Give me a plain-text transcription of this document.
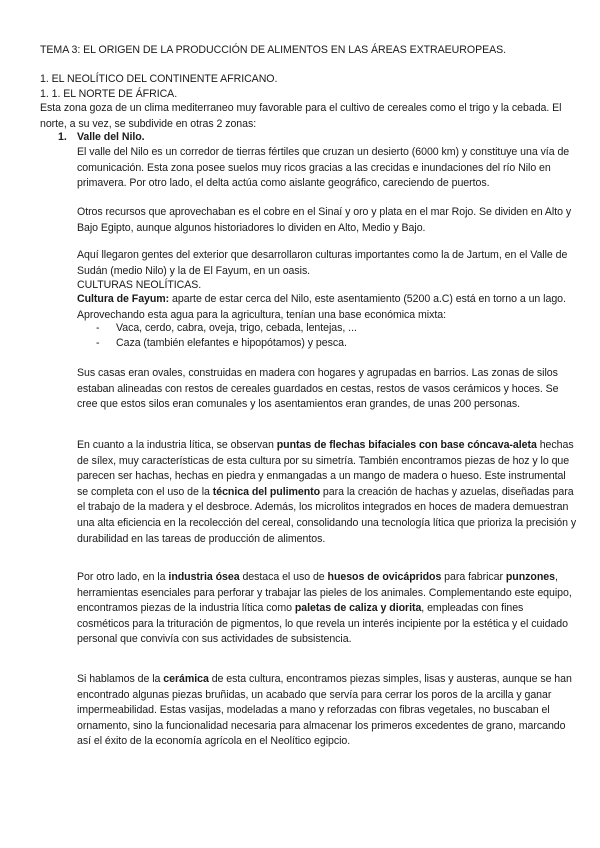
TEMA 3: EL ORIGEN DE LA PRODUCCIÓN DE ALIMENTOS EN LAS ÁREAS EXTRAEUROPEAS.
1. EL NEOLÍTICO DEL CONTINENTE AFRICANO.
1. 1. EL NORTE DE ÁFRICA.
Esta zona goza de un clima mediterraneo muy favorable para el cultivo de cereales como el trigo y la cebada. El norte, a su vez, se subdivide en otras 2 zonas:
1. Valle del Nilo.
El valle del Nilo es un corredor de tierras fértiles que cruzan un desierto (6000 km) y constituye una vía de comunicación. Esta zona posee suelos muy ricos gracias a las crecidas e inundaciones del río Nilo en primavera. Por otro lado, el delta actúa como aislante geográfico, careciendo de puertos.
Otros recursos que aprovechaban es el cobre en el Sinaí y oro y plata en el mar Rojo. Se dividen en Alto y Bajo Egipto, aunque algunos historiadores lo dividen en Alto, Medio y Bajo.
Aquí llegaron gentes del exterior que desarrollaron culturas importantes como la de Jartum, en el Valle de Sudán (medio Nilo) y la de El Fayum, en un oasis.
CULTURAS NEOLÍTICAS.
Cultura de Fayum: aparte de estar cerca del Nilo, este asentamiento (5200 a.C) está en torno a un lago. Aprovechando esta agua para la agricultura, tenían una base económica mixta:
- Vaca, cerdo, cabra, oveja, trigo, cebada, lentejas, ...
- Caza (también elefantes e hipopótamos) y pesca.
Sus casas eran ovales, construidas en madera con hogares y agrupadas en barrios. Las zonas de silos estaban alineadas con restos de cereales guardados en cestas, restos de vasos cerámicos y hoces. Se cree que estos silos eran comunales y los asentamientos eran grandes, de unas 200 personas.
En cuanto a la industria lítica, se observan puntas de flechas bifaciales con base cóncava-aleta hechas de sílex, muy características de esta cultura por su simetría. También encontramos piezas de hoz y lo que parecen ser hachas, hechas en piedra y enmangadas a un mango de madera o hueso. Este instrumental se completa con el uso de la técnica del pulimento para la creación de hachas y azuelas, diseñadas para el trabajo de la madera y el desbroce. Además, los microlitos integrados en hoces de madera demuestran una alta eficiencia en la recolección del cereal, consolidando una tecnología lítica que prioriza la precisión y durabilidad en las tareas de producción de alimentos.
Por otro lado, en la industria ósea destaca el uso de huesos de ovicápridos para fabricar punzones, herramientas esenciales para perforar y trabajar las pieles de los animales. Complementando este equipo, encontramos piezas de la industria lítica como paletas de caliza y diorita, empleadas con fines cosméticos para la trituración de pigmentos, lo que revela un interés incipiente por la estética y el cuidado personal que convivía con sus actividades de subsistencia.
Si hablamos de la cerámica de esta cultura, encontramos piezas simples, lisas y austeras, aunque se han encontrado algunas piezas bruñidas, un acabado que servía para cerrar los poros de la arcilla y ganar impermeabilidad. Estas vasijas, modeladas a mano y reforzadas con fibras vegetales, no buscaban el ornamento, sino la funcionalidad necesaria para almacenar los primeros excedentes de grano, marcando así el éxito de la economía agrícola en el Neolítico egipcio.
